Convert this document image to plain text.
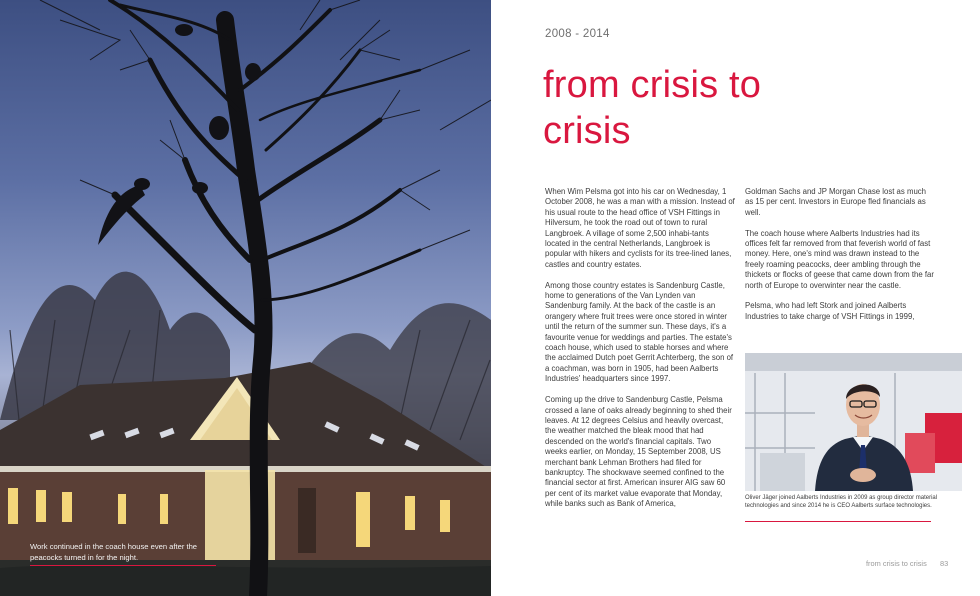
Work continued in the coach house even after the peacocks turned in for the night.
2008 - 2014
from crisis to crisis

When Wim Pelsma got into his car on Wednesday, 1 October 2008, he was a man with a mission. Instead of his usual route to the head office of VSH Fittings in Hilversum, he took the road out of town to rural Langbroek. A village of some 2,500 inhabi-tants located in the central Netherlands, Langbroek is popular with hikers and cyclists for its tree-lined lanes, castles and country estates.

Among those country estates is Sandenburg Castle, home to generations of the Van Lynden van Sandenburg family. At the back of the castle is an orangery where fruit trees were once stored in winter until the return of the summer sun. These days, it's a favourite venue for weddings and parties. The estate's coach house, which used to stable horses and where the acclaimed Dutch poet Gerrit Achterberg, the son of a coachman, was born in 1905, had been Aalberts Industries' headquarters since 1997.

Coming up the drive to Sandenburg Castle, Pelsma crossed a lane of oaks already beginning to shed their leaves. At 12 degrees Celsius and heavily overcast, the weather matched the bleak mood that had descended on the world's financial capitals. Two weeks earlier, on Monday, 15 September 2008, US merchant bank Lehman Brothers had filed for bankruptcy. The shockwave seemed confined to the financial sector at first. American insurer AIG saw 60 per cent of its market value evaporate that Monday, while banks such as Bank of America,

Goldman Sachs and JP Morgan Chase lost as much as 15 per cent. Investors in Europe fled financials as well.

The coach house where Aalberts Industries had its offices felt far removed from that feverish world of fast money. Here, one's mind was drawn instead to the freely roaming peacocks, deer ambling through the thickets or flocks of geese that came down from the far north of Europe to overwinter near the castle.

Pelsma, who had left Stork and joined Aalberts Industries to take charge of VSH Fittings in 1999,

Oliver Jäger joined Aalberts Industries in 2009 as group director material technologies and since 2014 he is CEO Aalberts surface technologies.
from crisis to crisis 83
